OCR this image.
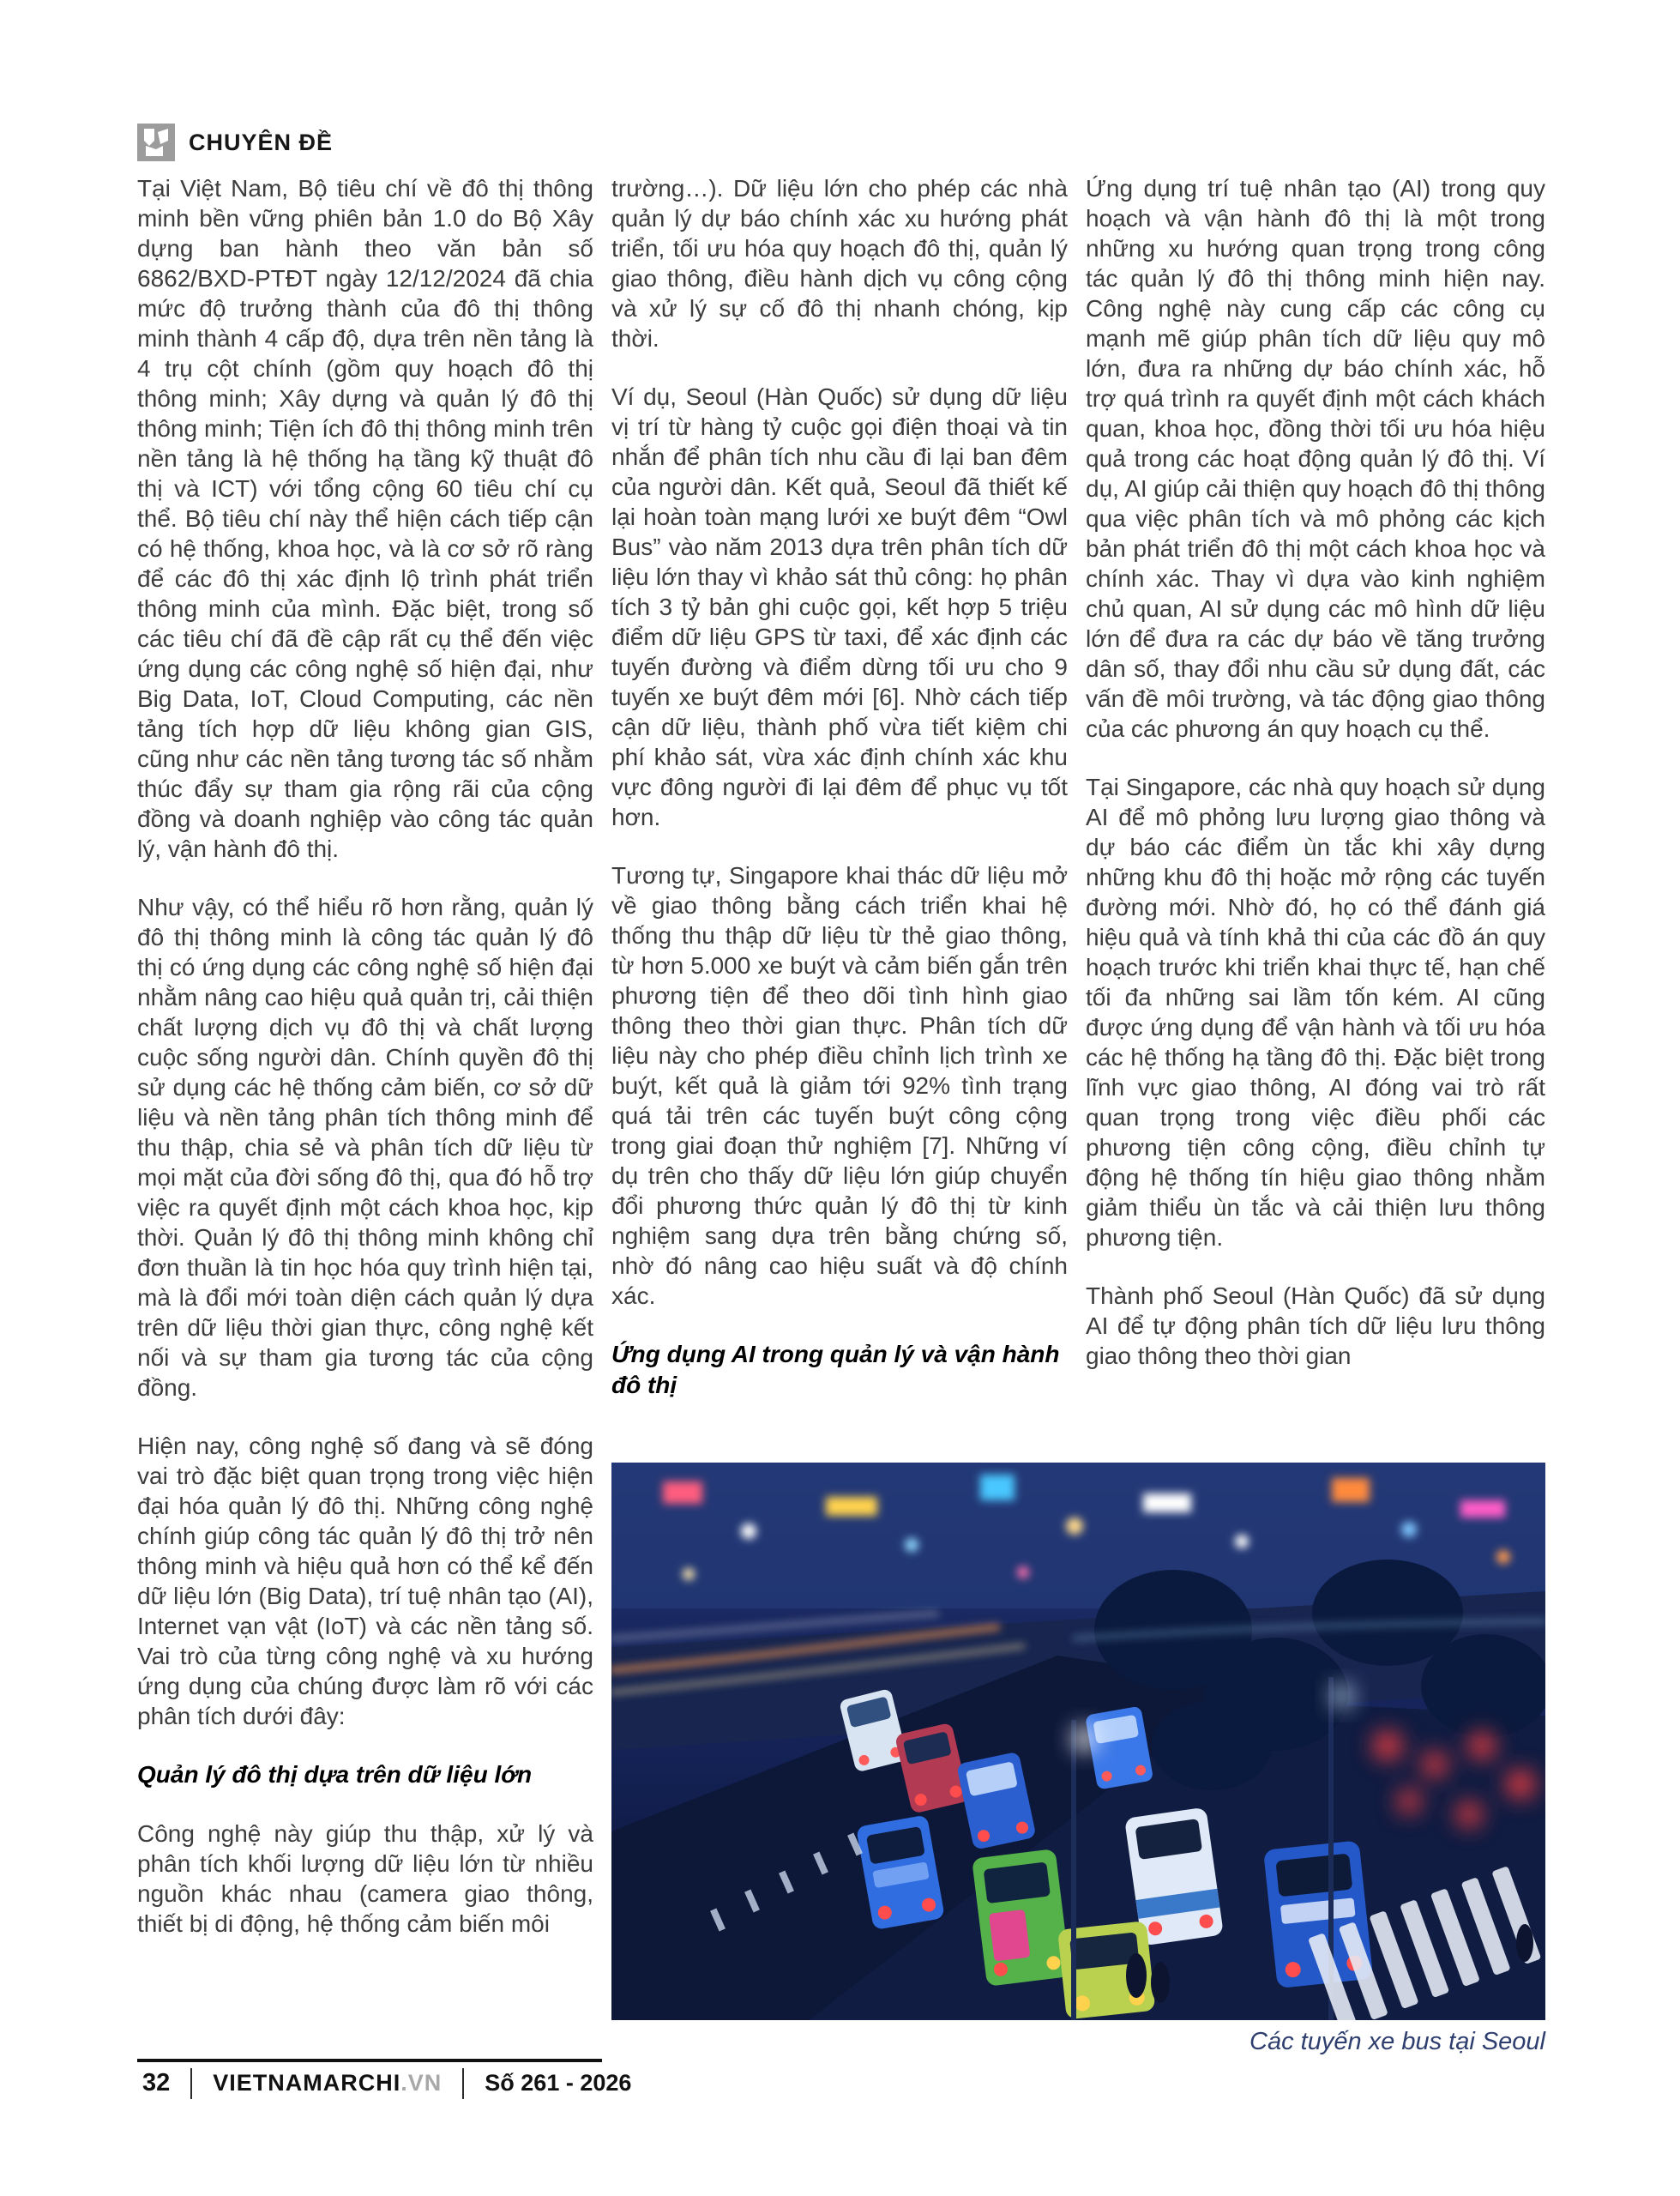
CHUYÊN ĐỀ

Tại Việt Nam, Bộ tiêu chí về đô thị thông minh bền vững phiên bản 1.0 do Bộ Xây dựng ban hành theo văn bản số 6862/BXD-PTĐT ngày 12/12/2024 đã chia mức độ trưởng thành của đô thị thông minh thành 4 cấp độ, dựa trên nền tảng là 4 trụ cột chính (gồm quy hoạch đô thị thông minh; Xây dựng và quản lý đô thị thông minh; Tiện ích đô thị thông minh trên nền tảng là hệ thống hạ tầng kỹ thuật đô thị và ICT) với tổng cộng 60 tiêu chí cụ thể. Bộ tiêu chí này thể hiện cách tiếp cận có hệ thống, khoa học, và là cơ sở rõ ràng để các đô thị xác định lộ trình phát triển thông minh của mình. Đặc biệt, trong số các tiêu chí đã đề cập rất cụ thể đến việc ứng dụng các công nghệ số hiện đại, như Big Data, IoT, Cloud Computing, các nền tảng tích hợp dữ liệu không gian GIS, cũng như các nền tảng tương tác số nhằm thúc đẩy sự tham gia rộng rãi của cộng đồng và doanh nghiệp vào công tác quản lý, vận hành đô thị.

Như vậy, có thể hiểu rõ hơn rằng, quản lý đô thị thông minh là công tác quản lý đô thị có ứng dụng các công nghệ số hiện đại nhằm nâng cao hiệu quả quản trị, cải thiện chất lượng dịch vụ đô thị và chất lượng cuộc sống người dân. Chính quyền đô thị sử dụng các hệ thống cảm biến, cơ sở dữ liệu và nền tảng phân tích thông minh để thu thập, chia sẻ và phân tích dữ liệu từ mọi mặt của đời sống đô thị, qua đó hỗ trợ việc ra quyết định một cách khoa học, kịp thời. Quản lý đô thị thông minh không chỉ đơn thuần là tin học hóa quy trình hiện tại, mà là đổi mới toàn diện cách quản lý dựa trên dữ liệu thời gian thực, công nghệ kết nối và sự tham gia tương tác của cộng đồng.

Hiện nay, công nghệ số đang và sẽ đóng vai trò đặc biệt quan trọng trong việc hiện đại hóa quản lý đô thị. Những công nghệ chính giúp công tác quản lý đô thị trở nên thông minh và hiệu quả hơn có thể kể đến dữ liệu lớn (Big Data), trí tuệ nhân tạo (AI), Internet vạn vật (IoT) và các nền tảng số. Vai trò của từng công nghệ và xu hướng ứng dụng của chúng được làm rõ với các phân tích dưới đây:

Quản lý đô thị dựa trên dữ liệu lớn

Công nghệ này giúp thu thập, xử lý và phân tích khối lượng dữ liệu lớn từ nhiều nguồn khác nhau (camera giao thông, thiết bị di động, hệ thống cảm biến môi

trường…). Dữ liệu lớn cho phép các nhà quản lý dự báo chính xác xu hướng phát triển, tối ưu hóa quy hoạch đô thị, quản lý giao thông, điều hành dịch vụ công cộng và xử lý sự cố đô thị nhanh chóng, kịp thời.

Ví dụ, Seoul (Hàn Quốc) sử dụng dữ liệu vị trí từ hàng tỷ cuộc gọi điện thoại và tin nhắn để phân tích nhu cầu đi lại ban đêm của người dân. Kết quả, Seoul đã thiết kế lại hoàn toàn mạng lưới xe buýt đêm “Owl Bus” vào năm 2013 dựa trên phân tích dữ liệu lớn thay vì khảo sát thủ công: họ phân tích 3 tỷ bản ghi cuộc gọi, kết hợp 5 triệu điểm dữ liệu GPS từ taxi, để xác định các tuyến đường và điểm dừng tối ưu cho 9 tuyến xe buýt đêm mới [6]. Nhờ cách tiếp cận dữ liệu, thành phố vừa tiết kiệm chi phí khảo sát, vừa xác định chính xác khu vực đông người đi lại đêm để phục vụ tốt hơn.

Tương tự, Singapore khai thác dữ liệu mở về giao thông bằng cách triển khai hệ thống thu thập dữ liệu từ thẻ giao thông, từ hơn 5.000 xe buýt và cảm biến gắn trên phương tiện để theo dõi tình hình giao thông theo thời gian thực. Phân tích dữ liệu này cho phép điều chỉnh lịch trình xe buýt, kết quả là giảm tới 92% tình trạng quá tải trên các tuyến buýt công cộng trong giai đoạn thử nghiệm [7]. Những ví dụ trên cho thấy dữ liệu lớn giúp chuyển đổi phương thức quản lý đô thị từ kinh nghiệm sang dựa trên bằng chứng số, nhờ đó nâng cao hiệu suất và độ chính xác.

Ứng dụng AI trong quản lý và vận hành đô thị

Ứng dụng trí tuệ nhân tạo (AI) trong quy hoạch và vận hành đô thị là một trong những xu hướng quan trọng trong công tác quản lý đô thị thông minh hiện nay. Công nghệ này cung cấp các công cụ mạnh mẽ giúp phân tích dữ liệu quy mô lớn, đưa ra những dự báo chính xác, hỗ trợ quá trình ra quyết định một cách khách quan, khoa học, đồng thời tối ưu hóa hiệu quả trong các hoạt động quản lý đô thị. Ví dụ, AI giúp cải thiện quy hoạch đô thị thông qua việc phân tích và mô phỏng các kịch bản phát triển đô thị một cách khoa học và chính xác. Thay vì dựa vào kinh nghiệm chủ quan, AI sử dụng các mô hình dữ liệu lớn để đưa ra các dự báo về tăng trưởng dân số, thay đổi nhu cầu sử dụng đất, các vấn đề môi trường, và tác động giao thông của các phương án quy hoạch cụ thể.

Tại Singapore, các nhà quy hoạch sử dụng AI để mô phỏng lưu lượng giao thông và dự báo các điểm ùn tắc khi xây dựng những khu đô thị hoặc mở rộng các tuyến đường mới. Nhờ đó, họ có thể đánh giá hiệu quả và tính khả thi của các đồ án quy hoạch trước khi triển khai thực tế, hạn chế tối đa những sai lầm tốn kém. AI cũng được ứng dụng để vận hành và tối ưu hóa các hệ thống hạ tầng đô thị. Đặc biệt trong lĩnh vực giao thông, AI đóng vai trò rất quan trọng trong việc điều phối các phương tiện công cộng, điều chỉnh tự động hệ thống tín hiệu giao thông nhằm giảm thiểu ùn tắc và cải thiện lưu thông phương tiện.

Thành phố Seoul (Hàn Quốc) đã sử dụng AI để tự động phân tích dữ liệu lưu thông giao thông theo thời gian

Các tuyến xe bus tại Seoul
32	VIETNAMARCHI.VN	Số 261 - 2026
